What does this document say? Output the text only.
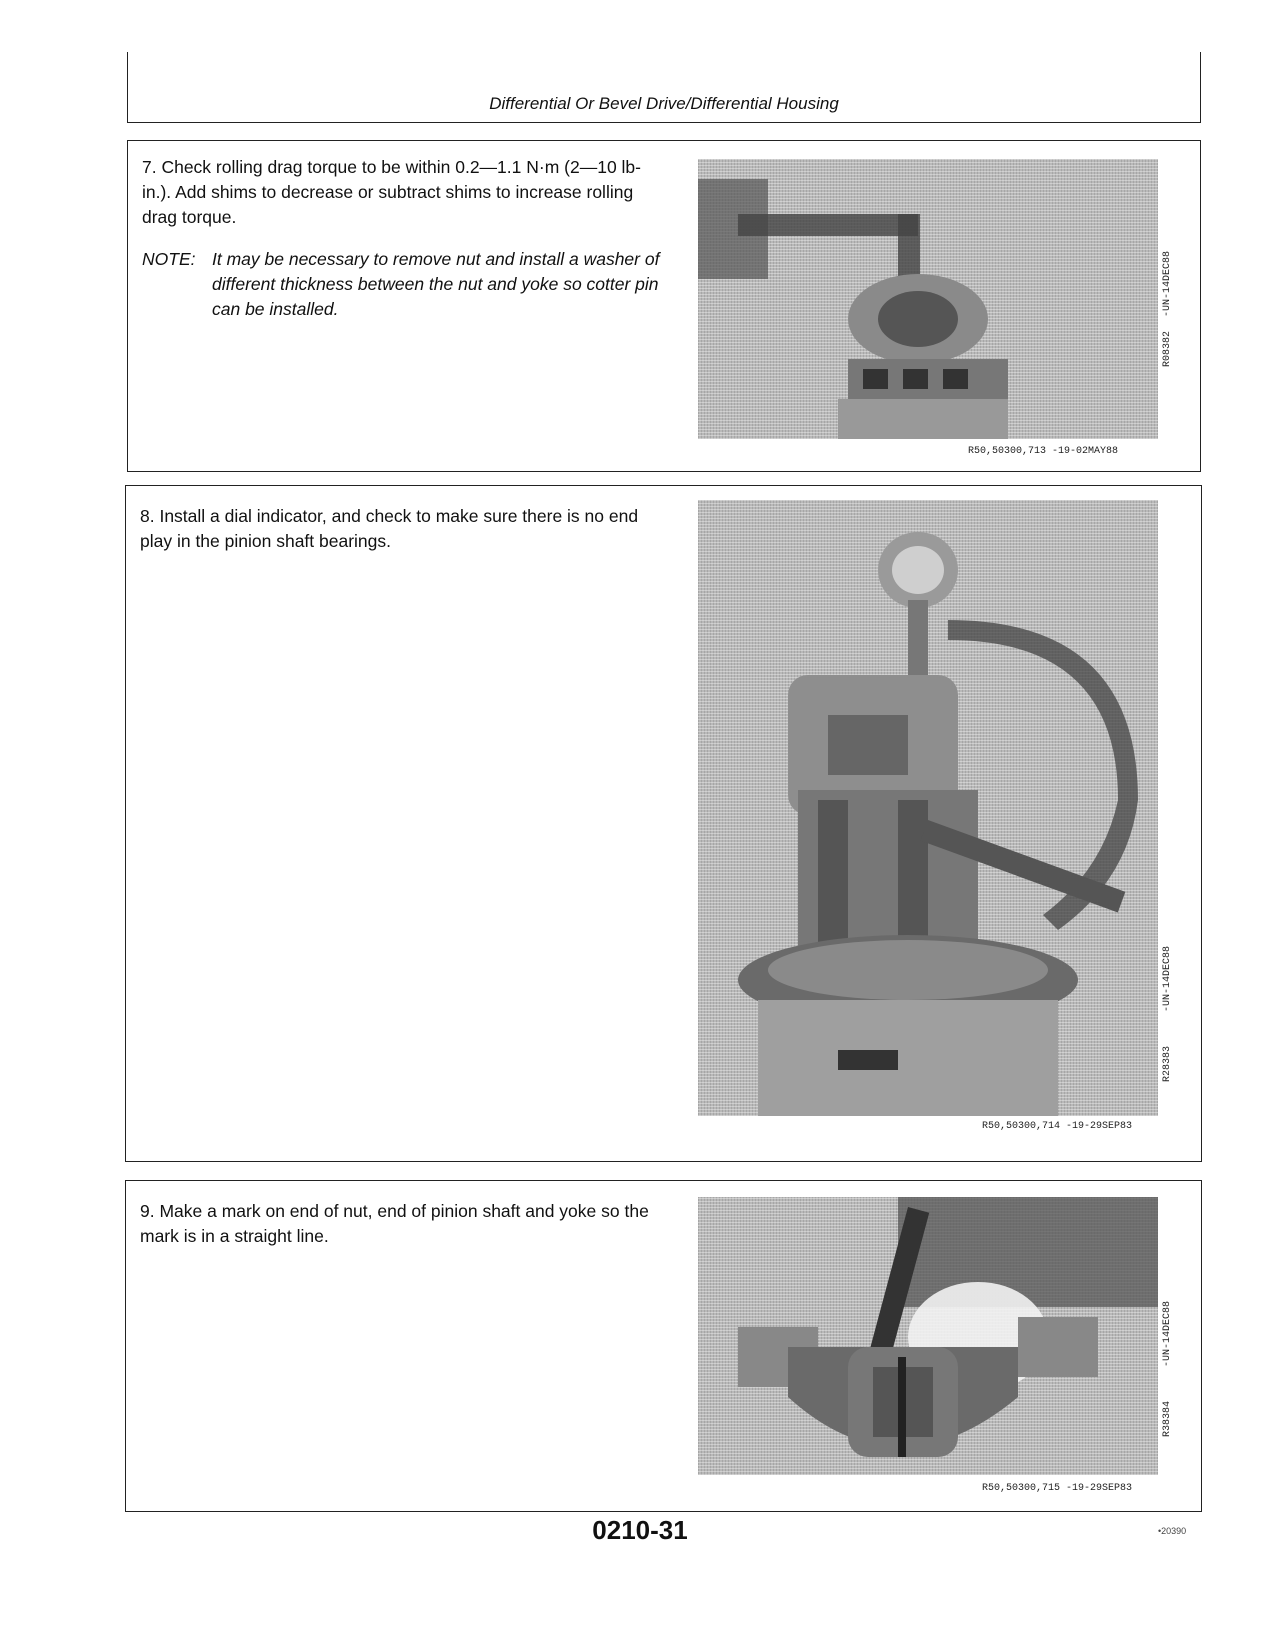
Differential Or Bevel Drive/Differential Housing
7. Check rolling drag torque to be within 0.2—1.1 N·m (2—10 lb-in.). Add shims to decrease or subtract shims to increase rolling drag torque.
NOTE: It may be necessary to remove nut and install a washer of different thickness between the nut and yoke so cotter pin can be installed.
R08382
-UN-14DEC88
R50,50300,713 -19-02MAY88
8. Install a dial indicator, and check to make sure there is no end play in the pinion shaft bearings.
R28383
-UN-14DEC88
R50,50300,714 -19-29SEP83
9. Make a mark on end of nut, end of pinion shaft and yoke so the mark is in a straight line.
R38384
-UN-14DEC88
R50,50300,715 -19-29SEP83
0210-31	•20390
